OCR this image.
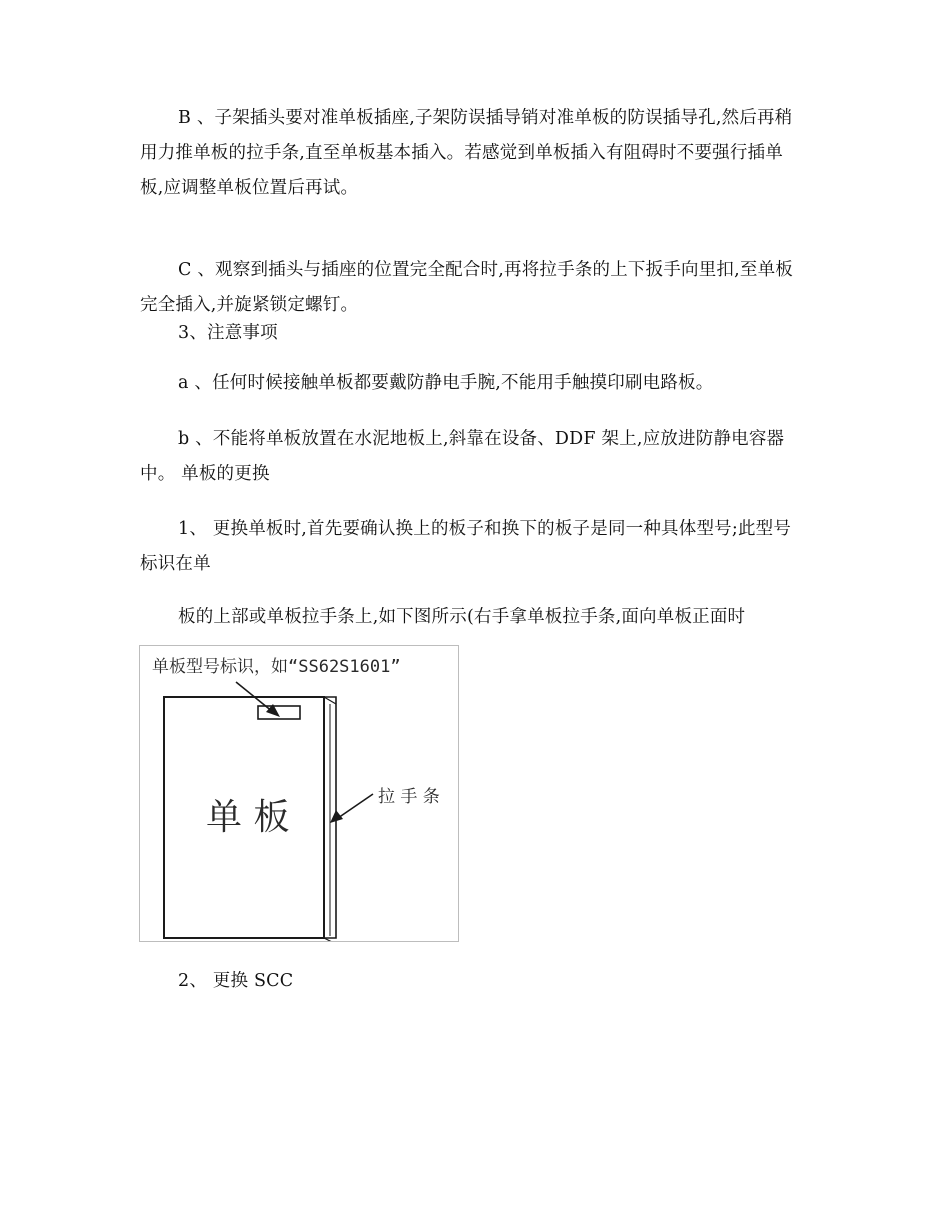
B 、子架插头要对准单板插座,子架防误插导销对准单板的防误插导孔,然后再稍用力推单板的拉手条,直至单板基本插入。若感觉到单板插入有阻碍时不要强行插单板,应调整单板位置后再试。

C 、观察到插头与插座的位置完全配合时,再将拉手条的上下扳手向里扣,至单板完全插入,并旋紧锁定螺钉。

3、注意事项

a 、任何时候接触单板都要戴防静电手腕,不能用手触摸印刷电路板。

b 、不能将单板放置在水泥地板上,斜靠在设备、DDF 架上,应放进防静电容器中。 单板的更换

1、 更换单板时,首先要确认换上的板子和换下的板子是同一种具体型号;此型号标识在单

板的上部或单板拉手条上,如下图所示(右手拿单板拉手条,面向单板正面时

单板型号标识，如“SS62S1601”
单 板	拉 手 条

2、 更换 SCC
